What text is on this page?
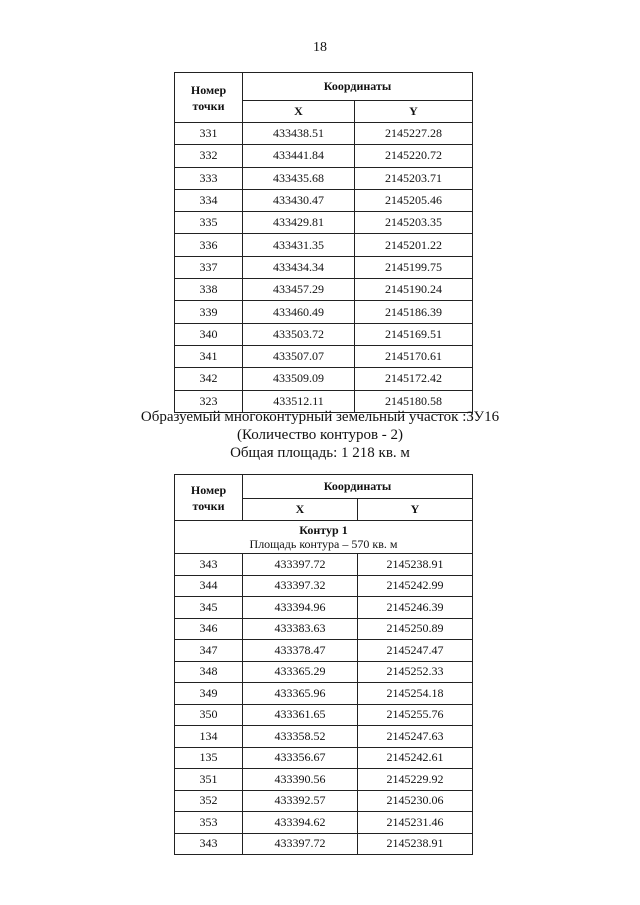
18
Номер
точки	Координаты	
	X	Y
331	433438.51	2145227.28
332	433441.84	2145220.72
333	433435.68	2145203.71
334	433430.47	2145205.46
335	433429.81	2145203.35
336	433431.35	2145201.22
337	433434.34	2145199.75
338	433457.29	2145190.24
339	433460.49	2145186.39
340	433503.72	2145169.51
341	433507.07	2145170.61
342	433509.09	2145172.42
323	433512.11	2145180.58
Образуемый многоконтурный земельный участок :ЗУ16
(Количество контуров - 2)
Общая площадь: 1 218 кв. м
Номер
точки	Координаты	
	X	Y
Контур 1
Площадь контура – 570 кв. м		
343	433397.72	2145238.91
344	433397.32	2145242.99
345	433394.96	2145246.39
346	433383.63	2145250.89
347	433378.47	2145247.47
348	433365.29	2145252.33
349	433365.96	2145254.18
350	433361.65	2145255.76
134	433358.52	2145247.63
135	433356.67	2145242.61
351	433390.56	2145229.92
352	433392.57	2145230.06
353	433394.62	2145231.46
343	433397.72	2145238.91
